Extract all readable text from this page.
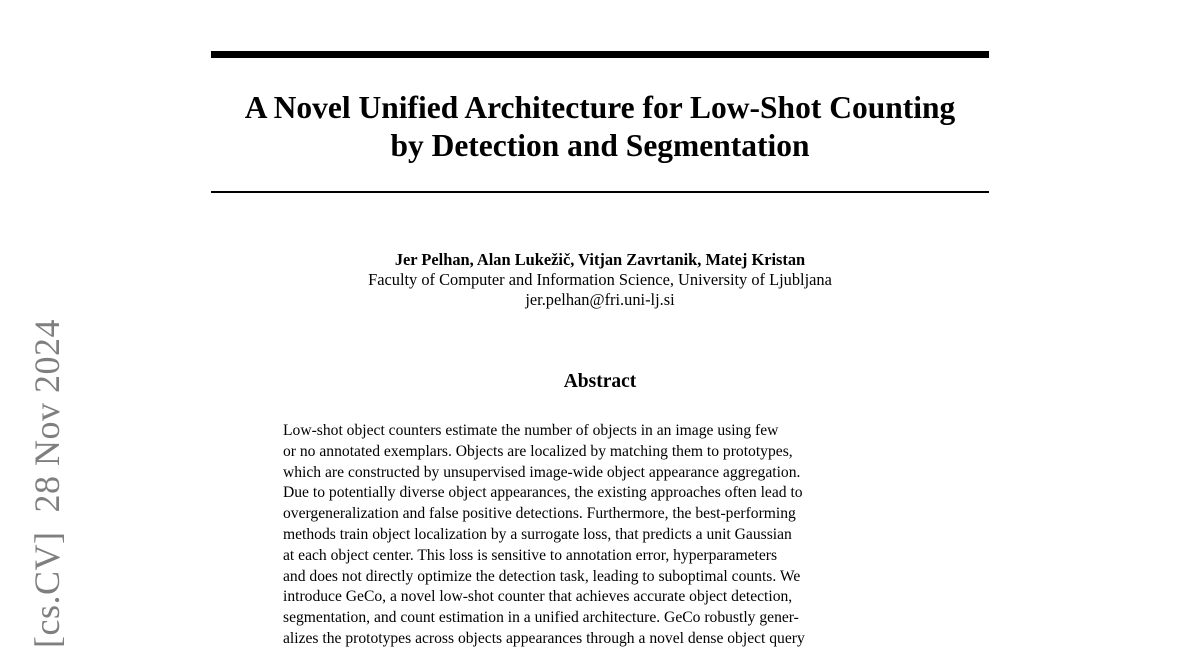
A Novel Unified Architecture for Low-Shot Counting
by Detection and Segmentation
Jer Pelhan, Alan Lukežič, Vitjan Zavrtanik, Matej Kristan
Faculty of Computer and Information Science, University of Ljubljana
jer.pelhan@fri.uni-lj.si
Abstract
Low-shot object counters estimate the number of objects in an image using few
or no annotated exemplars. Objects are localized by matching them to prototypes,
which are constructed by unsupervised image-wide object appearance aggregation.
Due to potentially diverse object appearances, the existing approaches often lead to
overgeneralization and false positive detections. Furthermore, the best-performing
methods train object localization by a surrogate loss, that predicts a unit Gaussian
at each object center. This loss is sensitive to annotation error, hyperparameters
and does not directly optimize the detection task, leading to suboptimal counts. We
introduce GeCo, a novel low-shot counter that achieves accurate object detection,
segmentation, and count estimation in a unified architecture. GeCo robustly gener-
alizes the prototypes across objects appearances through a novel dense object query
[cs.CV]  28 Nov 2024
